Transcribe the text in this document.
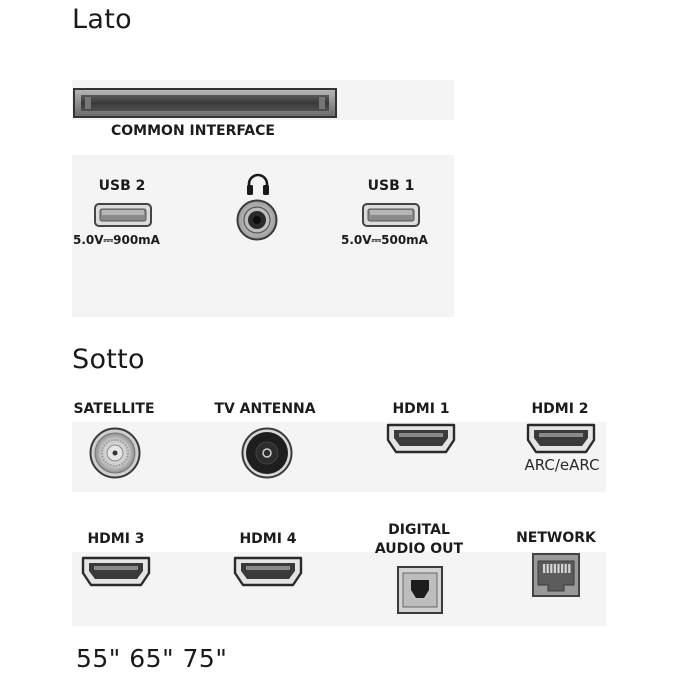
Lato
COMMON INTERFACE
USB 2
5.0V⎓900mA
USB 1
5.0V⎓500mA
Sotto
SATELLITE	TV ANTENNA	HDMI 1	HDMI 2
ARC/eARC
HDMI 3	HDMI 4
DIGITAL
AUDIO OUT
NETWORK
55" 65" 75"
